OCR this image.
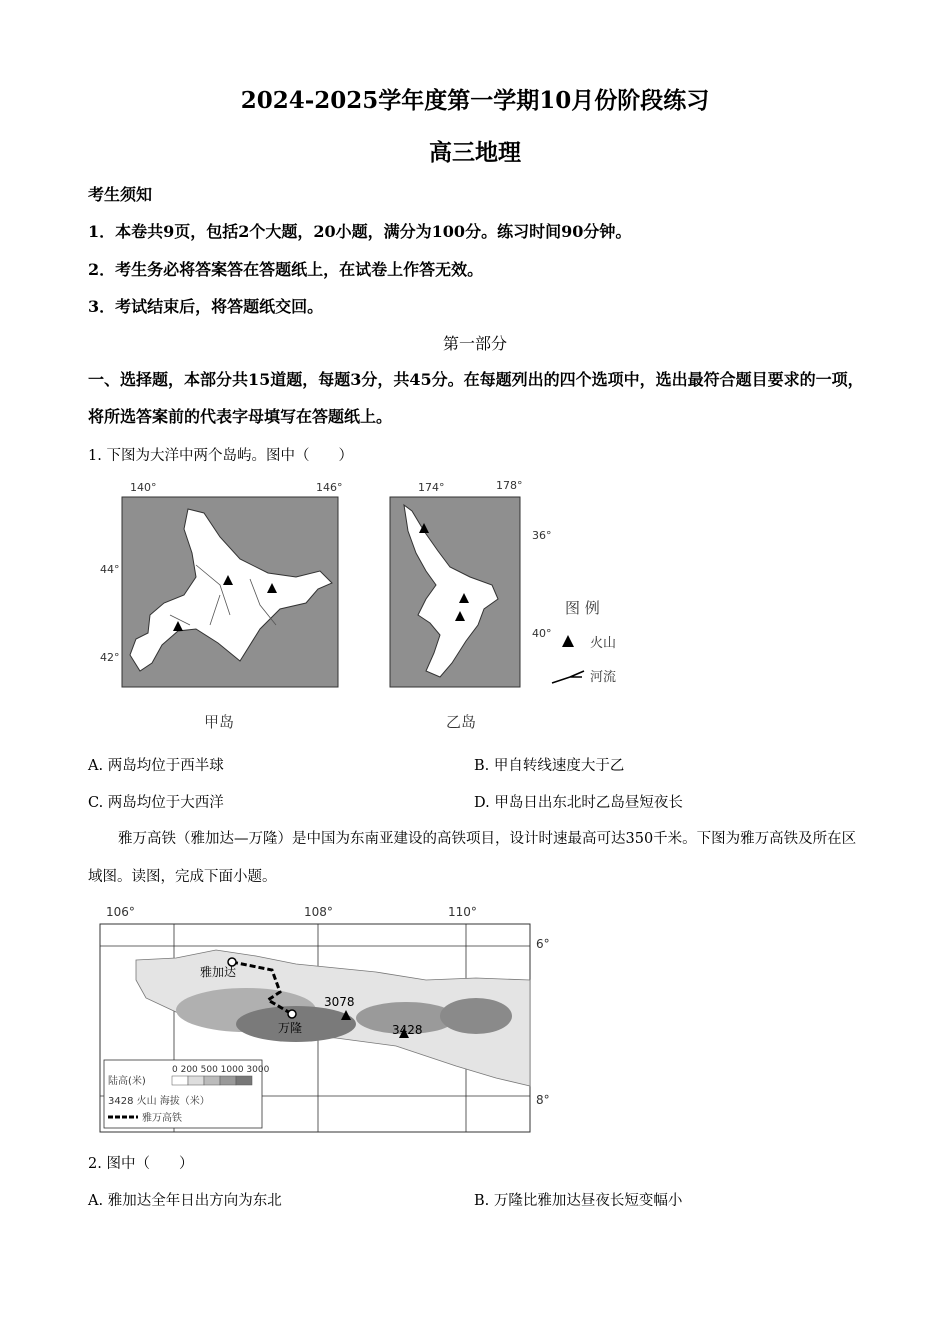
2024-2025学年度第一学期10月份阶段练习
高三地理
考生须知
1．本卷共9页，包括2个大题，20小题，满分为100分。练习时间90分钟。
2．考生务必将答案答在答题纸上，在试卷上作答无效。
3．考试结束后，将答题纸交回。
第一部分
一、选择题，本部分共15道题，每题3分，共45分。在每题列出的四个选项中，选出最符合题目要求的一项，将所选答案前的代表字母填写在答题纸上。
1. 下图为大洋中两个岛屿。图中（　　）
140°	146°
44°
42°
甲岛
174°	178°
36°
40°
乙岛
图 例
火山
河流
A. 两岛均位于西半球	B. 甲自转线速度大于乙
C. 两岛均位于大西洋	D. 甲岛日出东北时乙岛昼短夜长
雅万高铁（雅加达—万隆）是中国为东南亚建设的高铁项目，设计时速最高可达350千米。下图为雅万高铁及所在区域图。读图，完成下面小题。
106°	108°	110°
6°
8°
雅加达
万隆
3078
3428
0 200 500 1000 3000
陆高(米)
3428 火山 海拔（米）
雅万高铁
2. 图中（　　）
A. 雅加达全年日出方向为东北	B. 万隆比雅加达昼夜长短变幅小
